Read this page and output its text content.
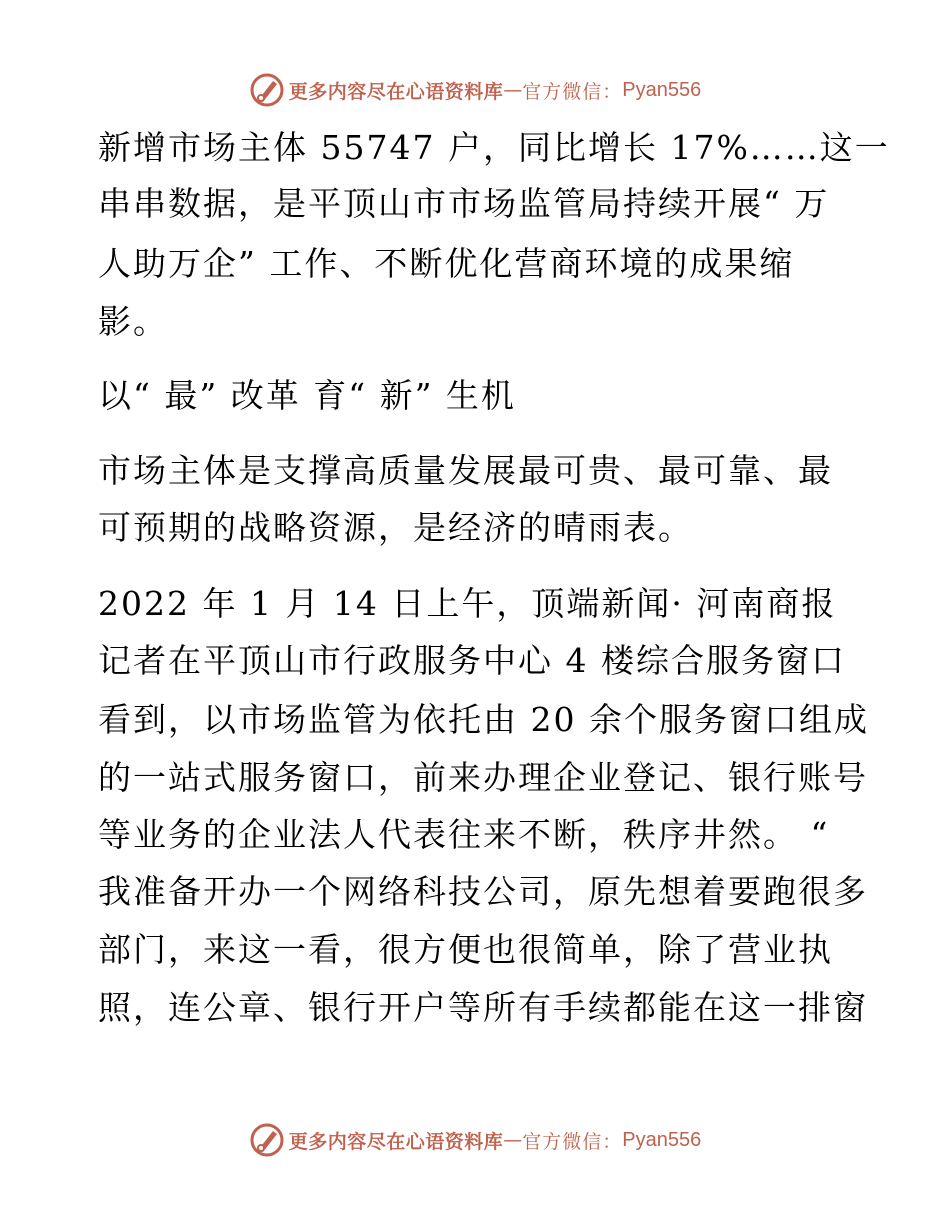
更多内容尽在心语资料库 — 官方微信： Pyan556
新增市场主体 55747 户，同比增长 17%……这一
串串数据，是平顶山市市场监管局持续开展“ 万
人助万企” 工作、不断优化营商环境的成果缩
影。
以“ 最” 改革 育“ 新” 生机
市场主体是支撑高质量发展最可贵、最可靠、最
可预期的战略资源，是经济的晴雨表。
2022 年 1 月 14 日上午，顶端新闻· 河南商报
记者在平顶山市行政服务中心 4 楼综合服务窗口
看到，以市场监管为依托由 20 余个服务窗口组成
的一站式服务窗口，前来办理企业登记、银行账号
等业务的企业法人代表往来不断，秩序井然。 “
我准备开办一个网络科技公司，原先想着要跑很多
部门，来这一看，很方便也很简单，除了营业执
照，连公章、银行开户等所有手续都能在这一排窗
更多内容尽在心语资料库 — 官方微信： Pyan556
